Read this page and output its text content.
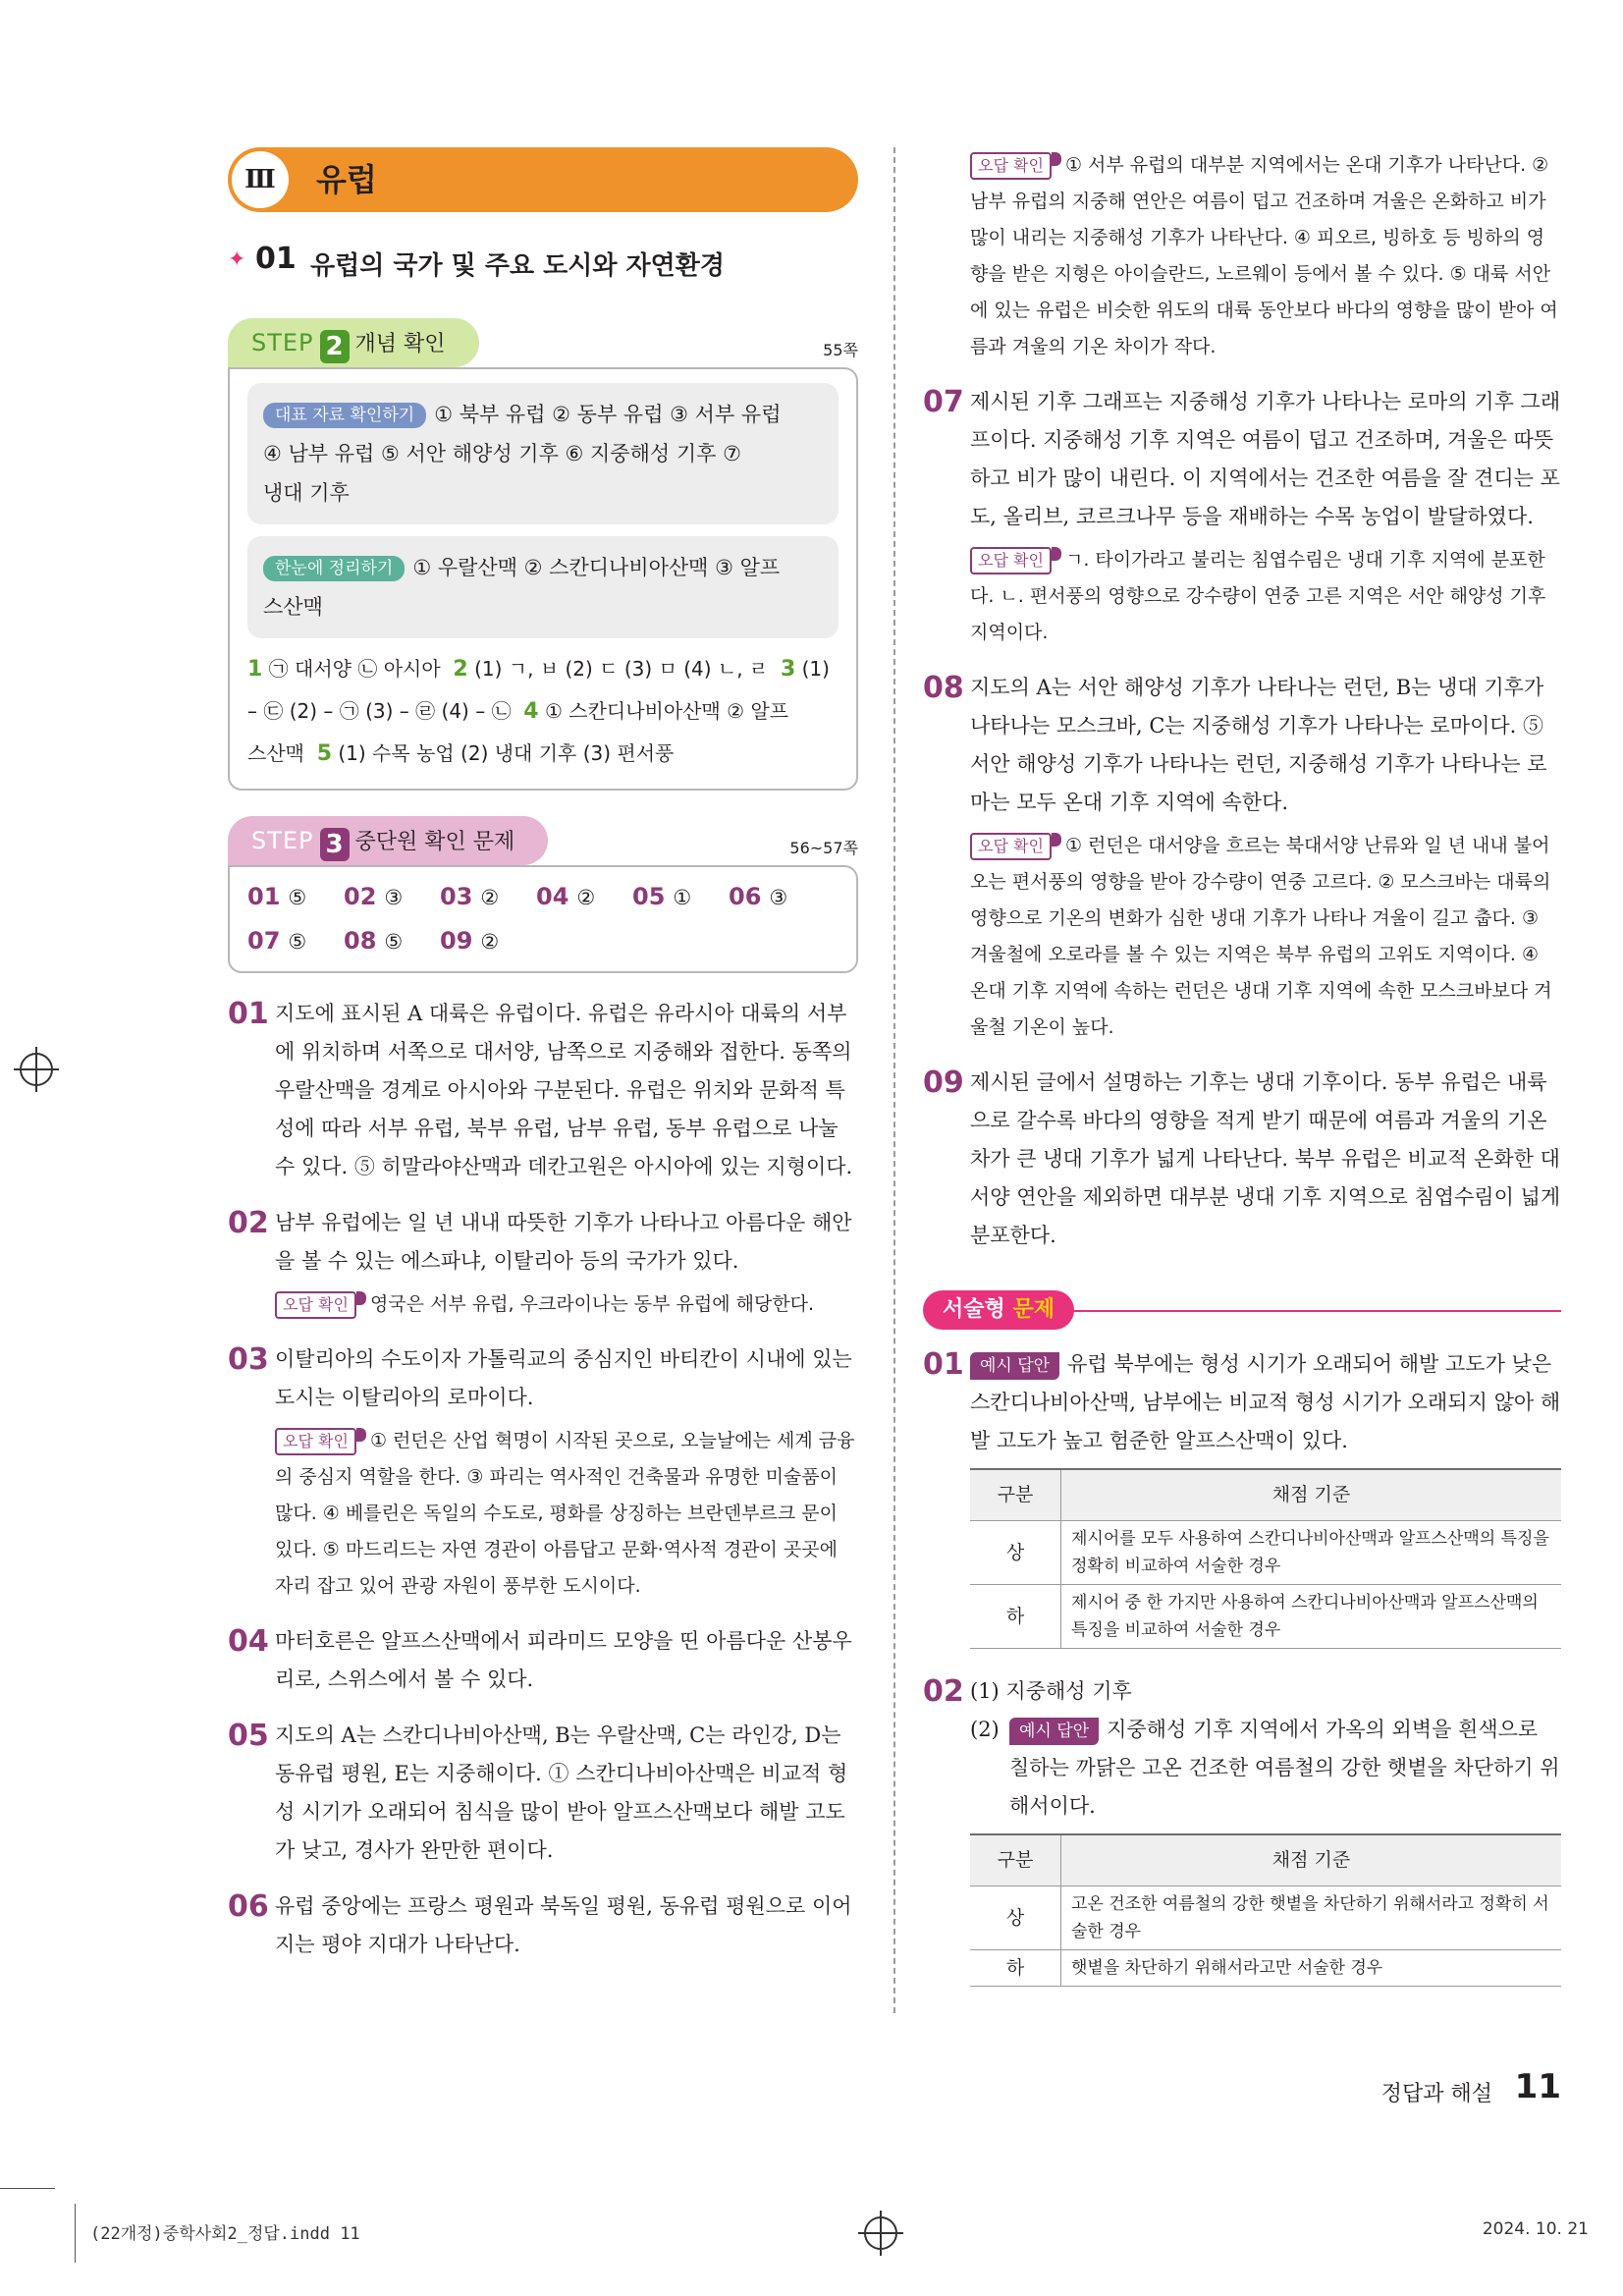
Ⅲ	유럽
✦ 01 유럽의 국가 및 주요 도시와 자연환경
STEP 2 개념 확인	55쪽
대표 자료 확인하기 ① 북부 유럽 ② 동부 유럽 ③ 서부 유럽
④ 남부 유럽 ⑤ 서안 해양성 기후 ⑥ 지중해성 기후 ⑦
냉대 기후
한눈에 정리하기 ① 우랄산맥 ② 스칸디나비아산맥 ③ 알프
스산맥
1 ㉠ 대서양 ㉡ 아시아 2 (1) ㄱ, ㅂ (2) ㄷ (3) ㅁ (4) ㄴ, ㄹ 3 (1)
– ㉢ (2) – ㉠ (3) – ㉣ (4) – ㉡ 4 ① 스칸디나비아산맥 ② 알프
스산맥 5 (1) 수목 농업 (2) 냉대 기후 (3) 편서풍
STEP 3 중단원 확인 문제	56~57쪽
01 ⑤	02 ③	03 ②	04 ②	05 ①	06 ③
07 ⑤	08 ⑤	09 ②
01 지도에 표시된 A 대륙은 유럽이다. 유럽은 유라시아 대륙의 서부에 위치하며 서쪽으로 대서양, 남쪽으로 지중해와 접한다. 동쪽의 우랄산맥을 경계로 아시아와 구분된다. 유럽은 위치와 문화적 특성에 따라 서부 유럽, 북부 유럽, 남부 유럽, 동부 유럽으로 나눌 수 있다. ⑤ 히말라야산맥과 데칸고원은 아시아에 있는 지형이다.
02 남부 유럽에는 일 년 내내 따뜻한 기후가 나타나고 아름다운 해안을 볼 수 있는 에스파냐, 이탈리아 등의 국가가 있다.
오답 확인 영국은 서부 유럽, 우크라이나는 동부 유럽에 해당한다.
03 이탈리아의 수도이자 가톨릭교의 중심지인 바티칸이 시내에 있는 도시는 이탈리아의 로마이다.
오답 확인 ① 런던은 산업 혁명이 시작된 곳으로, 오늘날에는 세계 금융의 중심지 역할을 한다. ③ 파리는 역사적인 건축물과 유명한 미술품이 많다. ④ 베를린은 독일의 수도로, 평화를 상징하는 브란덴부르크 문이 있다. ⑤ 마드리드는 자연 경관이 아름답고 문화·역사적 경관이 곳곳에 자리 잡고 있어 관광 자원이 풍부한 도시이다.
04 마터호른은 알프스산맥에서 피라미드 모양을 띤 아름다운 산봉우리로, 스위스에서 볼 수 있다.
05 지도의 A는 스칸디나비아산맥, B는 우랄산맥, C는 라인강, D는 동유럽 평원, E는 지중해이다. ① 스칸디나비아산맥은 비교적 형성 시기가 오래되어 침식을 많이 받아 알프스산맥보다 해발 고도가 낮고, 경사가 완만한 편이다.
06 유럽 중앙에는 프랑스 평원과 북독일 평원, 동유럽 평원으로 이어지는 평야 지대가 나타난다.
오답 확인 ① 서부 유럽의 대부분 지역에서는 온대 기후가 나타난다. ② 남부 유럽의 지중해 연안은 여름이 덥고 건조하며 겨울은 온화하고 비가 많이 내리는 지중해성 기후가 나타난다. ④ 피오르, 빙하호 등 빙하의 영향을 받은 지형은 아이슬란드, 노르웨이 등에서 볼 수 있다. ⑤ 대륙 서안에 있는 유럽은 비슷한 위도의 대륙 동안보다 바다의 영향을 많이 받아 여름과 겨울의 기온 차이가 작다.
07 제시된 기후 그래프는 지중해성 기후가 나타나는 로마의 기후 그래프이다. 지중해성 기후 지역은 여름이 덥고 건조하며, 겨울은 따뜻하고 비가 많이 내린다. 이 지역에서는 건조한 여름을 잘 견디는 포도, 올리브, 코르크나무 등을 재배하는 수목 농업이 발달하였다.
오답 확인 ㄱ. 타이가라고 불리는 침엽수림은 냉대 기후 지역에 분포한다. ㄴ. 편서풍의 영향으로 강수량이 연중 고른 지역은 서안 해양성 기후 지역이다.
08 지도의 A는 서안 해양성 기후가 나타나는 런던, B는 냉대 기후가 나타나는 모스크바, C는 지중해성 기후가 나타나는 로마이다. ⑤ 서안 해양성 기후가 나타나는 런던, 지중해성 기후가 나타나는 로마는 모두 온대 기후 지역에 속한다.
오답 확인 ① 런던은 대서양을 흐르는 북대서양 난류와 일 년 내내 불어오는 편서풍의 영향을 받아 강수량이 연중 고르다. ② 모스크바는 대륙의 영향으로 기온의 변화가 심한 냉대 기후가 나타나 겨울이 길고 춥다. ③ 겨울철에 오로라를 볼 수 있는 지역은 북부 유럽의 고위도 지역이다. ④ 온대 기후 지역에 속하는 런던은 냉대 기후 지역에 속한 모스크바보다 겨울철 기온이 높다.
09 제시된 글에서 설명하는 기후는 냉대 기후이다. 동부 유럽은 내륙으로 갈수록 바다의 영향을 적게 받기 때문에 여름과 겨울의 기온 차가 큰 냉대 기후가 넓게 나타난다. 북부 유럽은 비교적 온화한 대서양 연안을 제외하면 대부분 냉대 기후 지역으로 침엽수림이 넓게 분포한다.
서술형 문제
01 예시 답안 유럽 북부에는 형성 시기가 오래되어 해발 고도가 낮은 스칸디나비아산맥, 남부에는 비교적 형성 시기가 오래되지 않아 해발 고도가 높고 험준한 알프스산맥이 있다.
구분	채점 기준
상	제시어를 모두 사용하여 스칸디나비아산맥과 알프스산맥의 특징을 정확히 비교하여 서술한 경우
하	제시어 중 한 가지만 사용하여 스칸디나비아산맥과 알프스산맥의 특징을 비교하여 서술한 경우
02 (1) 지중해성 기후
(2) 예시 답안 지중해성 기후 지역에서 가옥의 외벽을 흰색으로 칠하는 까닭은 고온 건조한 여름철의 강한 햇볕을 차단하기 위해서이다.
구분	채점 기준
상	고온 건조한 여름철의 강한 햇볕을 차단하기 위해서라고 정확히 서술한 경우
하	햇볕을 차단하기 위해서라고만 서술한 경우
정답과 해설 11
(22개정)중학사회2_정답.indd 11	2024. 10. 21
